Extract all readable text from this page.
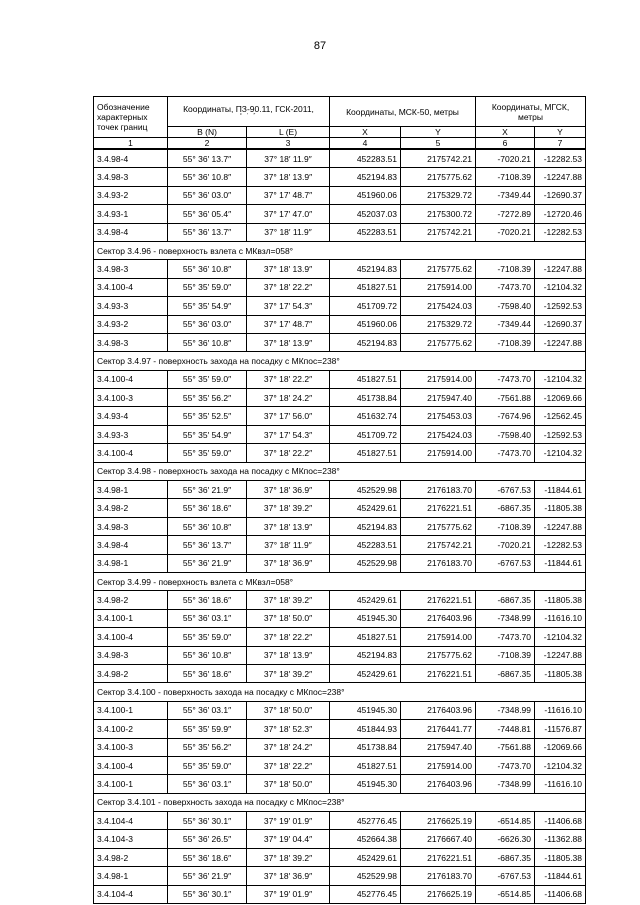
87
Обозначение характерных точек границ	Координаты, ПЗ-90.11, ГСК-2011,
° ′ ″		Координаты, МСК-50, метры		Координаты, МГСК, метры	
	B (N)	L (E)	X	Y	X	Y
1	2	3	4	5	6	7
3.4.98-4	55° 36′ 13.7″	37° 18′ 11.9″	452283.51	2175742.21	-7020.21	-12282.53
3.4.98-3	55° 36′ 10.8″	37° 18′ 13.9″	452194.83	2175775.62	-7108.39	-12247.88
3.4.93-2	55° 36′ 03.0″	37° 17′ 48.7″	451960.06	2175329.72	-7349.44	-12690.37
3.4.93-1	55° 36′ 05.4″	37° 17′ 47.0″	452037.03	2175300.72	-7272.89	-12720.46
3.4.98-4	55° 36′ 13.7″	37° 18′ 11.9″	452283.51	2175742.21	-7020.21	-12282.53
Сектор 3.4.96 - поверхность взлета с МКвзл=058°						
3.4.98-3	55° 36′ 10.8″	37° 18′ 13.9″	452194.83	2175775.62	-7108.39	-12247.88
3.4.100-4	55° 35′ 59.0″	37° 18′ 22.2″	451827.51	2175914.00	-7473.70	-12104.32
3.4.93-3	55° 35′ 54.9″	37° 17′ 54.3″	451709.72	2175424.03	-7598.40	-12592.53
3.4.93-2	55° 36′ 03.0″	37° 17′ 48.7″	451960.06	2175329.72	-7349.44	-12690.37
3.4.98-3	55° 36′ 10.8″	37° 18′ 13.9″	452194.83	2175775.62	-7108.39	-12247.88
Сектор 3.4.97 - поверхность захода на посадку с МКпос=238°						
3.4.100-4	55° 35′ 59.0″	37° 18′ 22.2″	451827.51	2175914.00	-7473.70	-12104.32
3.4.100-3	55° 35′ 56.2″	37° 18′ 24.2″	451738.84	2175947.40	-7561.88	-12069.66
3.4.93-4	55° 35′ 52.5″	37° 17′ 56.0″	451632.74	2175453.03	-7674.96	-12562.45
3.4.93-3	55° 35′ 54.9″	37° 17′ 54.3″	451709.72	2175424.03	-7598.40	-12592.53
3.4.100-4	55° 35′ 59.0″	37° 18′ 22.2″	451827.51	2175914.00	-7473.70	-12104.32
Сектор 3.4.98 - поверхность захода на посадку с МКпос=238°						
3.4.98-1	55° 36′ 21.9″	37° 18′ 36.9″	452529.98	2176183.70	-6767.53	-11844.61
3.4.98-2	55° 36′ 18.6″	37° 18′ 39.2″	452429.61	2176221.51	-6867.35	-11805.38
3.4.98-3	55° 36′ 10.8″	37° 18′ 13.9″	452194.83	2175775.62	-7108.39	-12247.88
3.4.98-4	55° 36′ 13.7″	37° 18′ 11.9″	452283.51	2175742.21	-7020.21	-12282.53
3.4.98-1	55° 36′ 21.9″	37° 18′ 36.9″	452529.98	2176183.70	-6767.53	-11844.61
Сектор 3.4.99 - поверхность взлета с МКвзл=058°						
3.4.98-2	55° 36′ 18.6″	37° 18′ 39.2″	452429.61	2176221.51	-6867.35	-11805.38
3.4.100-1	55° 36′ 03.1″	37° 18′ 50.0″	451945.30	2176403.96	-7348.99	-11616.10
3.4.100-4	55° 35′ 59.0″	37° 18′ 22.2″	451827.51	2175914.00	-7473.70	-12104.32
3.4.98-3	55° 36′ 10.8″	37° 18′ 13.9″	452194.83	2175775.62	-7108.39	-12247.88
3.4.98-2	55° 36′ 18.6″	37° 18′ 39.2″	452429.61	2176221.51	-6867.35	-11805.38
Сектор 3.4.100 - поверхность захода на посадку с МКпос=238°						
3.4.100-1	55° 36′ 03.1″	37° 18′ 50.0″	451945.30	2176403.96	-7348.99	-11616.10
3.4.100-2	55° 35′ 59.9″	37° 18′ 52.3″	451844.93	2176441.77	-7448.81	-11576.87
3.4.100-3	55° 35′ 56.2″	37° 18′ 24.2″	451738.84	2175947.40	-7561.88	-12069.66
3.4.100-4	55° 35′ 59.0″	37° 18′ 22.2″	451827.51	2175914.00	-7473.70	-12104.32
3.4.100-1	55° 36′ 03.1″	37° 18′ 50.0″	451945.30	2176403.96	-7348.99	-11616.10
Сектор 3.4.101 - поверхность захода на посадку с МКпос=238°						
3.4.104-4	55° 36′ 30.1″	37° 19′ 01.9″	452776.45	2176625.19	-6514.85	-11406.68
3.4.104-3	55° 36′ 26.5″	37° 19′ 04.4″	452664.38	2176667.40	-6626.30	-11362.88
3.4.98-2	55° 36′ 18.6″	37° 18′ 39.2″	452429.61	2176221.51	-6867.35	-11805.38
3.4.98-1	55° 36′ 21.9″	37° 18′ 36.9″	452529.98	2176183.70	-6767.53	-11844.61
3.4.104-4	55° 36′ 30.1″	37° 19′ 01.9″	452776.45	2176625.19	-6514.85	-11406.68
